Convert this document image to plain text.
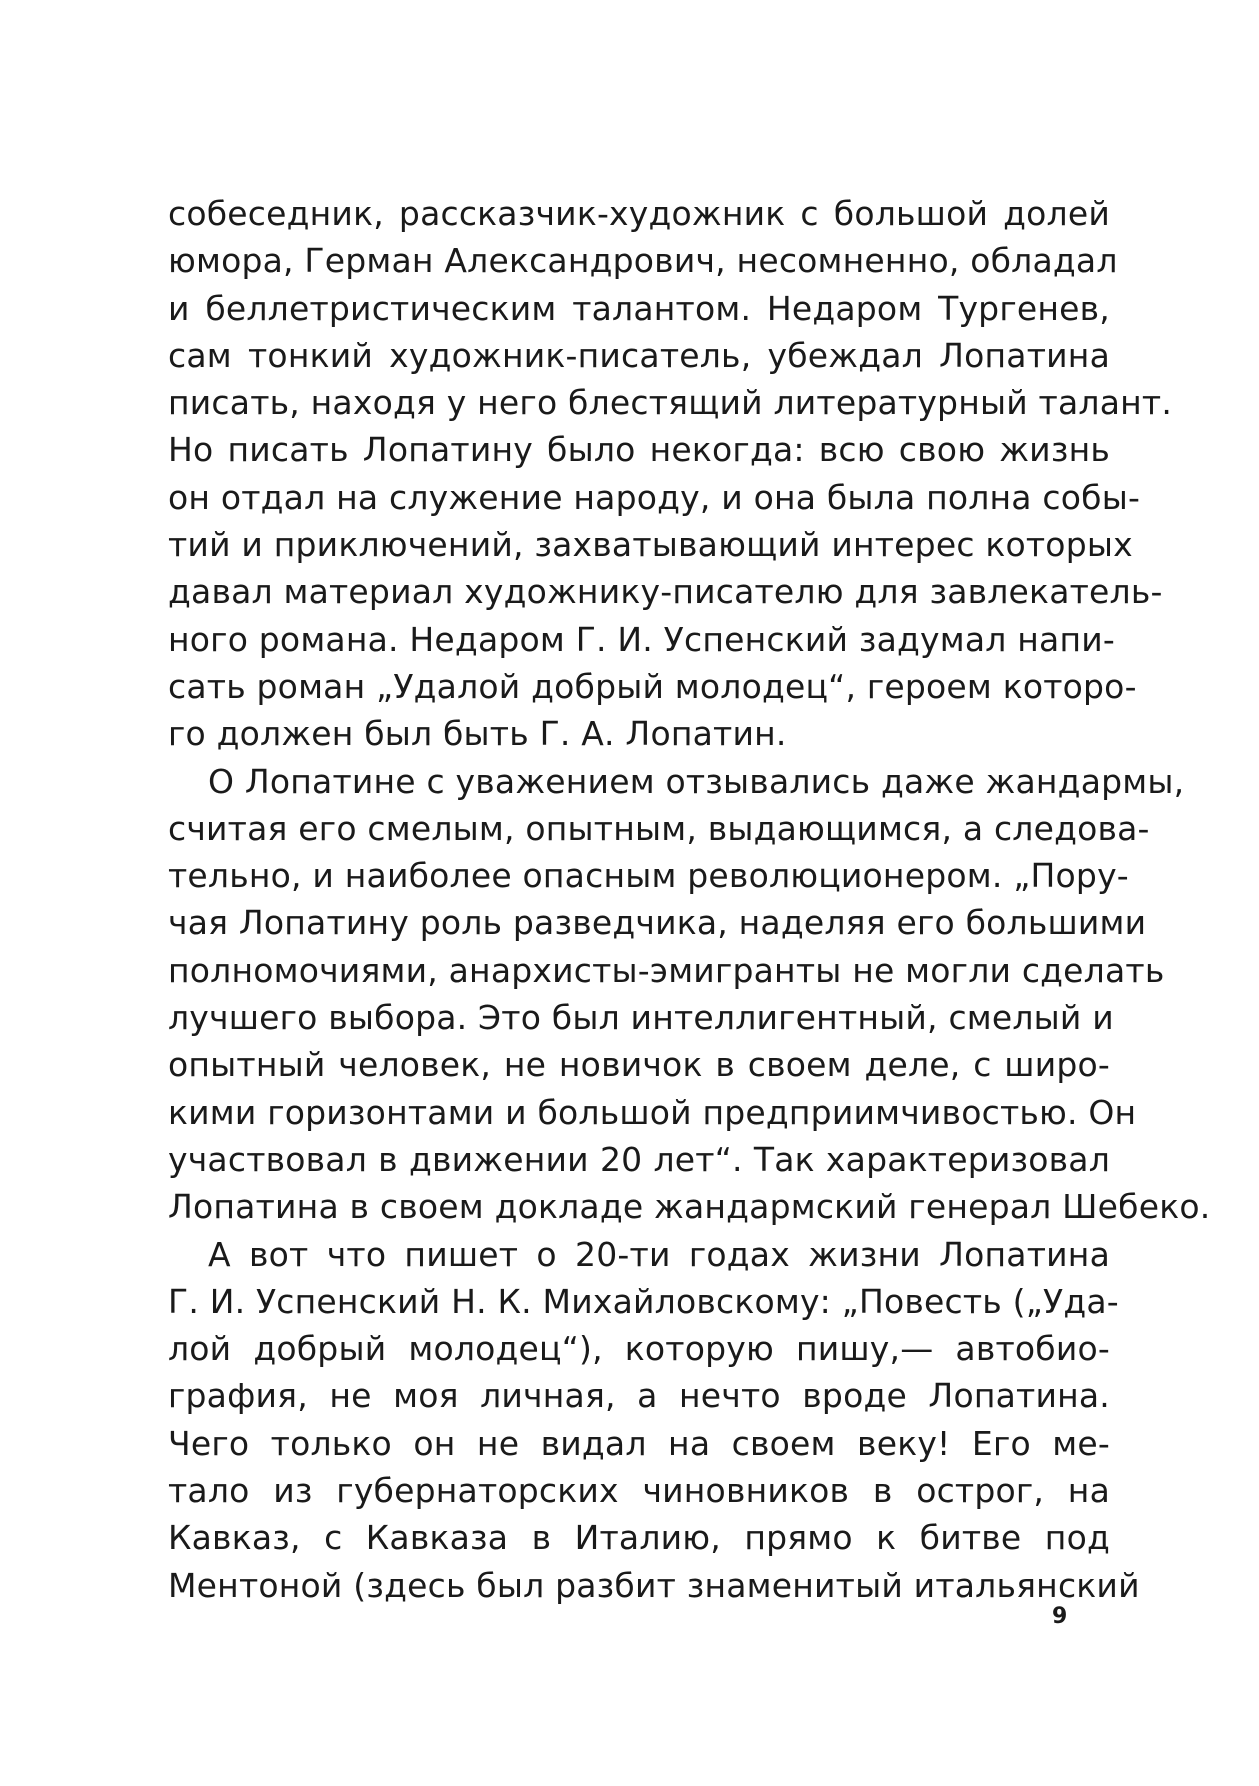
собеседник, рассказчик-художник с большой долей
юмора, Герман Александрович, несомненно, обладал
и беллетристическим талантом. Недаром Тургенев,
сам тонкий художник-писатель, убеждал Лопатина
писать, находя у него блестящий литературный талант.
Но писать Лопатину было некогда: всю свою жизнь
он отдал на служение народу, и она была полна собы-
тий и приключений, захватывающий интерес которых
давал материал художнику-писателю для завлекатель-
ного романа. Недаром Г. И. Успенский задумал напи-
сать роман „Удалой добрый молодец“, героем которо-
го должен был быть Г. А. Лопатин.
О Лопатине с уважением отзывались даже жандармы,
считая его смелым, опытным, выдающимся, а следова-
тельно, и наиболее опасным революционером. „Пору-
чая Лопатину роль разведчика, наделяя его большими
полномочиями, анархисты-эмигранты не могли сделать
лучшего выбора. Это был интеллигентный, смелый и
опытный человек, не новичок в своем деле, с широ-
кими горизонтами и большой предприимчивостью. Он
участвовал в движении 20 лет“. Так характеризовал
Лопатина в своем докладе жандармский генерал Шебеко.
А вот что пишет о 20-ти годах жизни Лопатина
Г. И. Успенский Н. К. Михайловскому: „Повесть („Уда-
лой добрый молодец“), которую пишу,— автобио-
графия, не моя личная, а нечто вроде Лопатина.
Чего только он не видал на своем веку! Его ме-
тало из губернаторских чиновников в острог, на
Кавказ, с Кавказа в Италию, прямо к битве под
Ментоной (здесь был разбит знаменитый итальянский
9
